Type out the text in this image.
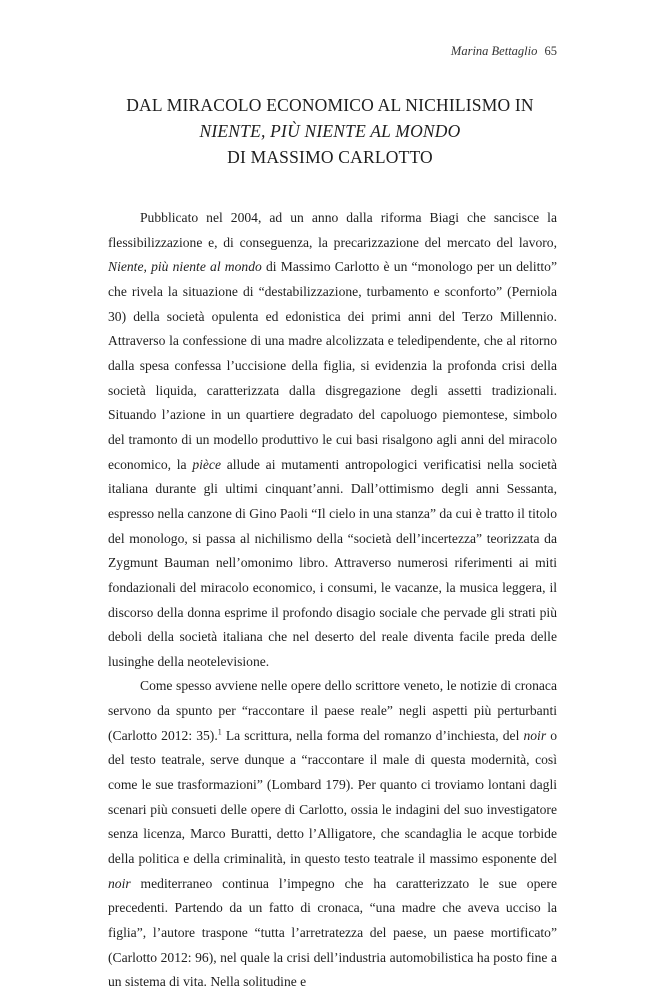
Marina Bettaglio 65
DAL MIRACOLO ECONOMICO AL NICHILISMO IN
NIENTE, PIÙ NIENTE AL MONDO
DI MASSIMO CARLOTTO

Pubblicato nel 2004, ad un anno dalla riforma Biagi che sancisce la flessibilizzazione e, di conseguenza, la precarizzazione del mercato del lavoro, Niente, più niente al mondo di Massimo Carlotto è un “monologo per un delitto” che rivela la situazione di “destabilizzazione, turbamento e sconforto” (Perniola 30) della società opulenta ed edonistica dei primi anni del Terzo Millennio. Attraverso la confessione di una madre alcolizzata e teledipendente, che al ritorno dalla spesa confessa l’uccisione della figlia, si evidenzia la profonda crisi della società liquida, caratterizzata dalla disgregazione degli assetti tradizionali. Situando l’azione in un quartiere degradato del capoluogo piemontese, simbolo del tramonto di un modello produttivo le cui basi risalgono agli anni del miracolo economico, la pièce allude ai mutamenti antropologici verificatisi nella società italiana durante gli ultimi cinquant’anni. Dall’ottimismo degli anni Sessanta, espresso nella canzone di Gino Paoli “Il cielo in una stanza” da cui è tratto il titolo del monologo, si passa al nichilismo della “società dell’incertezza” teorizzata da Zygmunt Bauman nell’omonimo libro. Attraverso numerosi riferimenti ai miti fondazionali del miracolo economico, i consumi, le vacanze, la musica leggera, il discorso della donna esprime il profondo disagio sociale che pervade gli strati più deboli della società italiana che nel deserto del reale diventa facile preda delle lusinghe della neotelevisione.

Come spesso avviene nelle opere dello scrittore veneto, le notizie di cronaca servono da spunto per “raccontare il paese reale” negli aspetti più perturbanti (Carlotto 2012: 35).$^1$ La scrittura, nella forma del romanzo d’inchiesta, del noir o del testo teatrale, serve dunque a “raccontare il male di questa modernità, così come le sue trasformazioni” (Lombard 179). Per quanto ci troviamo lontani dagli scenari più consueti delle opere di Carlotto, ossia le indagini del suo investigatore senza licenza, Marco Buratti, detto l’Alligatore, che scandaglia le acque torbide della politica e della criminalità, in questo testo teatrale il massimo esponente del noir mediterraneo continua l’impegno che ha caratterizzato le sue opere precedenti. Partendo da un fatto di cronaca, “una madre che aveva ucciso la figlia”, l’autore traspone “tutta l’arretratezza del paese, un paese mortificato” (Carlotto 2012: 96), nel quale la crisi dell’industria automobilistica ha posto fine a un sistema di vita. Nella solitudine e
